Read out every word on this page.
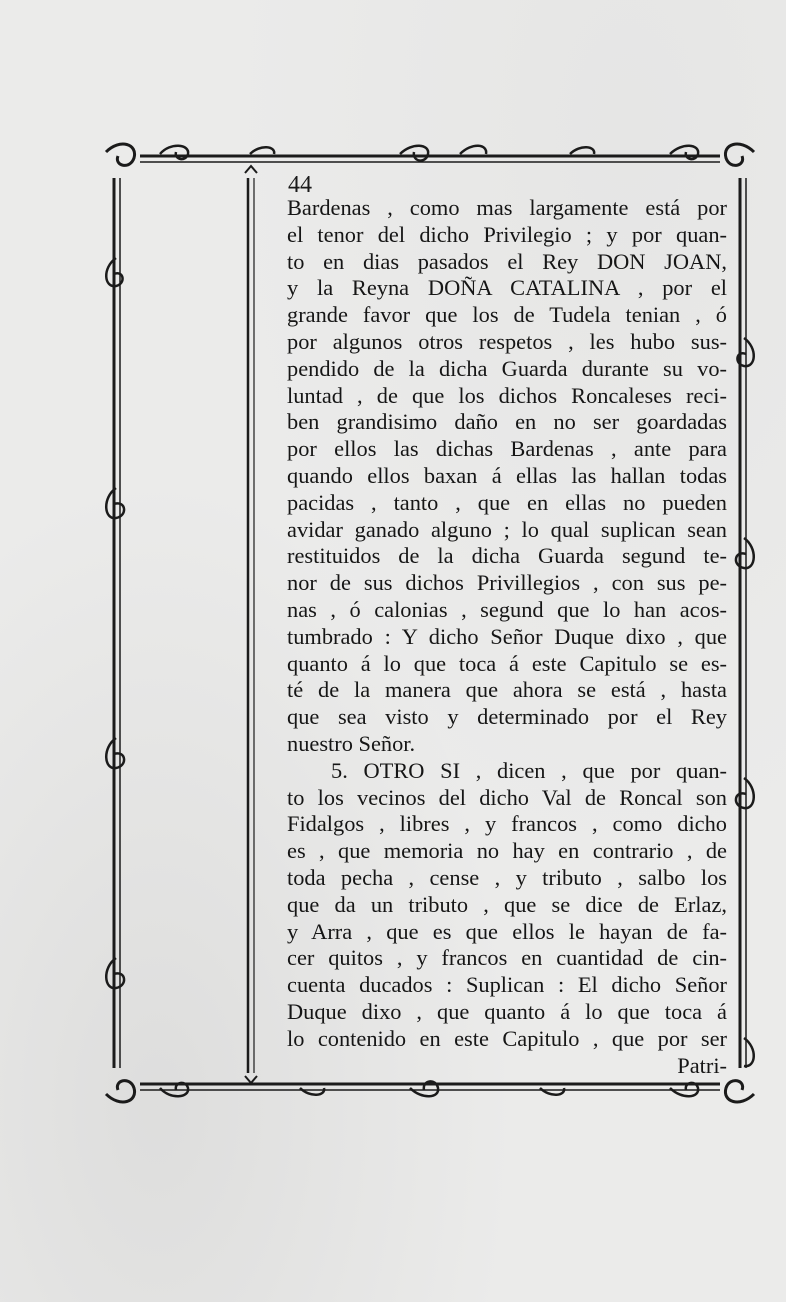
44
Bardenas , como mas largamente está por
el tenor del dicho Privilegio ; y por quan-
to en dias pasados el Rey DON JOAN,
y la Reyna DOÑA CATALINA , por el
grande favor que los de Tudela tenian , ó
por algunos otros respetos , les hubo sus-
pendido de la dicha Guarda durante su vo-
luntad , de que los dichos Roncaleses reci-
ben grandisimo daño en no ser goardadas
por ellos las dichas Bardenas , ante para
quando ellos baxan á ellas las hallan todas
pacidas , tanto , que en ellas no pueden
avidar ganado alguno ; lo qual suplican sean
restituidos de la dicha Guarda segund te-
nor de sus dichos Privillegios , con sus pe-
nas , ó calonias , segund que lo han acos-
tumbrado : Y dicho Señor Duque dixo , que
quanto á lo que toca á este Capitulo se es-
té de la manera que ahora se está , hasta
que sea visto y determinado por el Rey
nuestro Señor.
5. OTRO SI , dicen , que por quan-
to los vecinos del dicho Val de Roncal son
Fidalgos , libres , y francos , como dicho
es , que memoria no hay en contrario , de
toda pecha , cense , y tributo , salbo los
que da un tributo , que se dice de Erlaz,
y Arra , que es que ellos le hayan de fa-
cer quitos , y francos en cuantidad de cin-
cuenta ducados : Suplican : El dicho Señor
Duque dixo , que quanto á lo que toca á
lo contenido en este Capitulo , que por ser
Patri-
